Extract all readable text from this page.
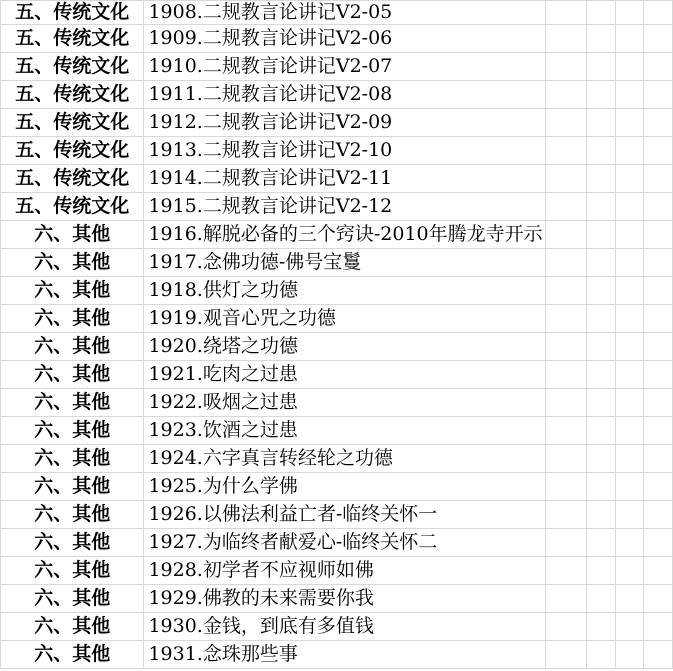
五、传统文化	1908.二规教言论讲记V2-05				
五、传统文化	1909.二规教言论讲记V2-06				
五、传统文化	1910.二规教言论讲记V2-07				
五、传统文化	1911.二规教言论讲记V2-08				
五、传统文化	1912.二规教言论讲记V2-09				
五、传统文化	1913.二规教言论讲记V2-10				
五、传统文化	1914.二规教言论讲记V2-11				
五、传统文化	1915.二规教言论讲记V2-12				
六、其他	1916.解脱必备的三个窍诀-2010年腾龙寺开示				
六、其他	1917.念佛功德-佛号宝鬘				
六、其他	1918.供灯之功德				
六、其他	1919.观音心咒之功德				
六、其他	1920.绕塔之功德				
六、其他	1921.吃肉之过患				
六、其他	1922.吸烟之过患				
六、其他	1923.饮酒之过患				
六、其他	1924.六字真言转经轮之功德				
六、其他	1925.为什么学佛				
六、其他	1926.以佛法利益亡者-临终关怀一				
六、其他	1927.为临终者献爱心-临终关怀二				
六、其他	1928.初学者不应视师如佛				
六、其他	1929.佛教的未来需要你我				
六、其他	1930.金钱，到底有多值钱				
六、其他	1931.念珠那些事				
